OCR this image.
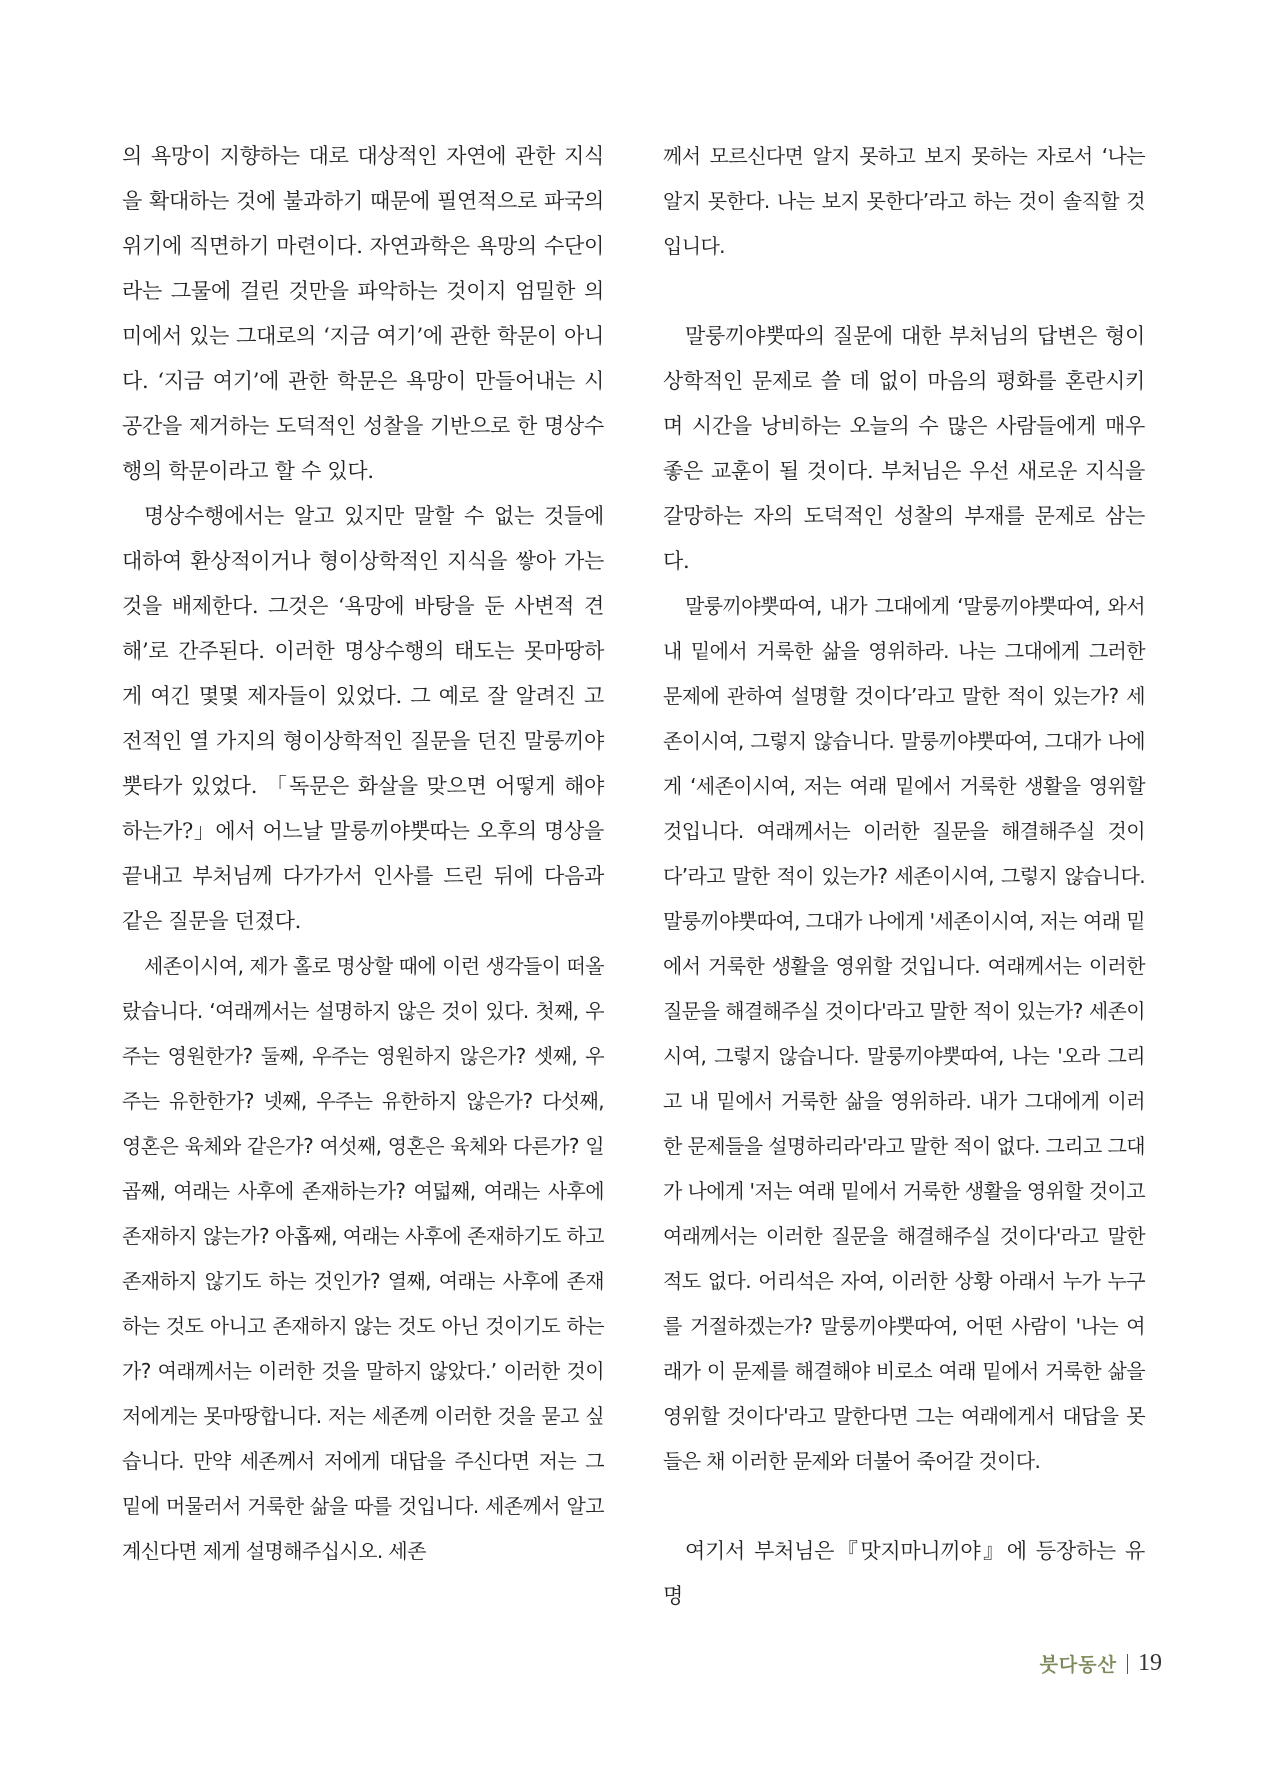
의 욕망이 지향하는 대로 대상적인 자연에 관한 지식을 확대하는 것에 불과하기 때문에 필연적으로 파국의 위기에 직면하기 마련이다. 자연과학은 욕망의 수단이라는 그물에 걸린 것만을 파악하는 것이지 엄밀한 의미에서 있는 그대로의 ‘지금 여기’에 관한 학문이 아니다. ‘지금 여기’에 관한 학문은 욕망이 만들어내는 시공간을 제거하는 도덕적인 성찰을 기반으로 한 명상수행의 학문이라고 할 수 있다.

명상수행에서는 알고 있지만 말할 수 없는 것들에 대하여 환상적이거나 형이상학적인 지식을 쌓아 가는 것을 배제한다. 그것은 ‘욕망에 바탕을 둔 사변적 견해’로 간주된다. 이러한 명상수행의 태도는 못마땅하게 여긴 몇몇 제자들이 있었다. 그 예로 잘 알려진 고전적인 열 가지의 형이상학적인 질문을 던진 말룽끼야뿟타가 있었다. 「독문은 화살을 맞으면 어떻게 해야하는가?」에서 어느날 말룽끼야뿟따는 오후의 명상을 끝내고 부처님께 다가가서 인사를 드린 뒤에 다음과 같은 질문을 던졌다.

세존이시여, 제가 홀로 명상할 때에 이런 생각들이 떠올랐습니다. ‘여래께서는 설명하지 않은 것이 있다. 첫째, 우주는 영원한가? 둘째, 우주는 영원하지 않은가? 셋째, 우주는 유한한가? 넷째, 우주는 유한하지 않은가? 다섯째, 영혼은 육체와 같은가? 여섯째, 영혼은 육체와 다른가? 일곱째, 여래는 사후에 존재하는가? 여덟째, 여래는 사후에 존재하지 않는가? 아홉째, 여래는 사후에 존재하기도 하고 존재하지 않기도 하는 것인가? 열째, 여래는 사후에 존재하는 것도 아니고 존재하지 않는 것도 아닌 것이기도 하는가? 여래께서는 이러한 것을 말하지 않았다.’ 이러한 것이 저에게는 못마땅합니다. 저는 세존께 이러한 것을 묻고 싶습니다. 만약 세존께서 저에게 대답을 주신다면 저는 그 밑에 머물러서 거룩한 삶을 따를 것입니다. 세존께서 알고 계신다면 제게 설명해주십시오. 세존

께서 모르신다면 알지 못하고 보지 못하는 자로서 ‘나는 알지 못한다. 나는 보지 못한다’라고 하는 것이 솔직할 것입니다.

말룽끼야뿟따의 질문에 대한 부처님의 답변은 형이상학적인 문제로 쓸 데 없이 마음의 평화를 혼란시키며 시간을 낭비하는 오늘의 수 많은 사람들에게 매우 좋은 교훈이 될 것이다. 부처님은 우선 새로운 지식을 갈망하는 자의 도덕적인 성찰의 부재를 문제로 삼는다.

말룽끼야뿟따여, 내가 그대에게 ‘말룽끼야뿟따여, 와서 내 밑에서 거룩한 삶을 영위하라. 나는 그대에게 그러한 문제에 관하여 설명할 것이다’라고 말한 적이 있는가? 세존이시여, 그렇지 않습니다. 말룽끼야뿟따여, 그대가 나에게 ‘세존이시여, 저는 여래 밑에서 거룩한 생활을 영위할 것입니다. 여래께서는 이러한 질문을 해결해주실 것이다’라고 말한 적이 있는가? 세존이시여, 그렇지 않습니다. 말룽끼야뿟따여, 그대가 나에게 '세존이시여, 저는 여래 밑에서 거룩한 생활을 영위할 것입니다. 여래께서는 이러한 질문을 해결해주실 것이다'라고 말한 적이 있는가? 세존이시여, 그렇지 않습니다. 말룽끼야뿟따여, 나는 '오라 그리고 내 밑에서 거룩한 삶을 영위하라. 내가 그대에게 이러한 문제들을 설명하리라'라고 말한 적이 없다. 그리고 그대가 나에게 '저는 여래 밑에서 거룩한 생활을 영위할 것이고 여래께서는 이러한 질문을 해결해주실 것이다'라고 말한 적도 없다. 어리석은 자여, 이러한 상황 아래서 누가 누구를 거절하겠는가? 말룽끼야뿟따여, 어떤 사람이 '나는 여래가 이 문제를 해결해야 비로소 여래 밑에서 거룩한 삶을 영위할 것이다'라고 말한다면 그는 여래에게서 대답을 못들은 채 이러한 문제와 더불어 죽어갈 것이다.

여기서 부처님은『맛지마니끼야』에 등장하는 유명

붓다동산 19
